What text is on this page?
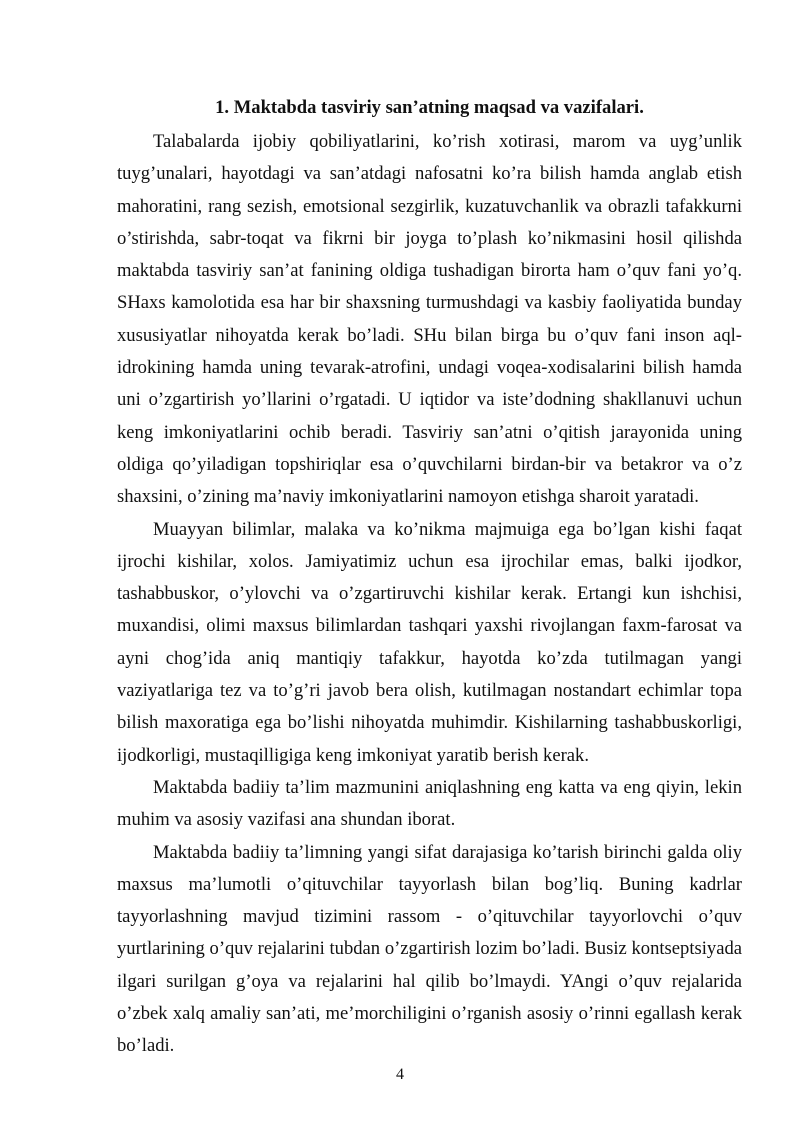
1. Maktabda tasviriy san’atning maqsad va vazifalari.

Talabalarda ijobiy qobiliyatlarini, ko’rish xotirasi, marom va uyg’unlik tuyg’unalari, hayotdagi va san’atdagi nafosatni ko’ra bilish hamda anglab etish mahoratini, rang sezish, emotsional sezgirlik, kuzatuvchanlik va obrazli tafakkurni o’stirishda, sabr-toqat va fikrni bir joyga to’plash ko’nikmasini hosil qilishda maktabda tasviriy san’at fanining oldiga tushadigan birorta ham o’quv fani yo’q. SHaxs kamolotida esa har bir shaxsning turmushdagi va kasbiy faoliyatida bunday xususiyatlar nihoyatda kerak bo’ladi. SHu bilan birga bu o’quv fani inson aql-idrokining hamda uning tevarak-atrofini, undagi voqea-xodisalarini bilish hamda uni o’zgartirish yo’llarini o’rgatadi. U iqtidor va iste’dodning shakllanuvi uchun keng imkoniyatlarini ochib beradi. Tasviriy san’atni o’qitish jarayonida uning oldiga qo’yiladigan topshiriqlar esa o’quvchilarni birdan-bir va betakror va o’z shaxsini, o’zining ma’naviy imkoniyatlarini namoyon etishga sharoit yaratadi.

Muayyan bilimlar, malaka va ko’nikma majmuiga ega bo’lgan kishi faqat ijrochi kishilar, xolos. Jamiyatimiz uchun esa ijrochilar emas, balki ijodkor, tashabbuskor, o’ylovchi va o’zgartiruvchi kishilar kerak. Ertangi kun ishchisi, muxandisi, olimi maxsus bilimlardan tashqari yaxshi rivojlangan faxm-farosat va ayni chog’ida aniq mantiqiy tafakkur, hayotda ko’zda tutilmagan yangi vaziyatlariga tez va to’g’ri javob bera olish, kutilmagan nostandart echimlar topa bilish maxoratiga ega bo’lishi nihoyatda muhimdir. Kishilarning tashabbuskorligi, ijodkorligi, mustaqilligiga keng imkoniyat yaratib berish kerak.

Maktabda badiiy ta’lim mazmunini aniqlashning eng katta va eng qiyin, lekin muhim va asosiy vazifasi ana shundan iborat.

Maktabda badiiy ta’limning yangi sifat darajasiga ko’tarish birinchi galda oliy maxsus ma’lumotli o’qituvchilar tayyorlash bilan bog’liq. Buning kadrlar tayyorlashning mavjud tizimini rassom - o’qituvchilar tayyorlovchi o’quv yurtlarining o’quv rejalarini tubdan o’zgartirish lozim bo’ladi. Busiz kontseptsiyada ilgari surilgan g’oya va rejalarini hal qilib bo’lmaydi. YAngi o’quv rejalarida o’zbek xalq amaliy san’ati, me’morchiligini o’rganish asosiy o’rinni egallash kerak bo’ladi.

4
